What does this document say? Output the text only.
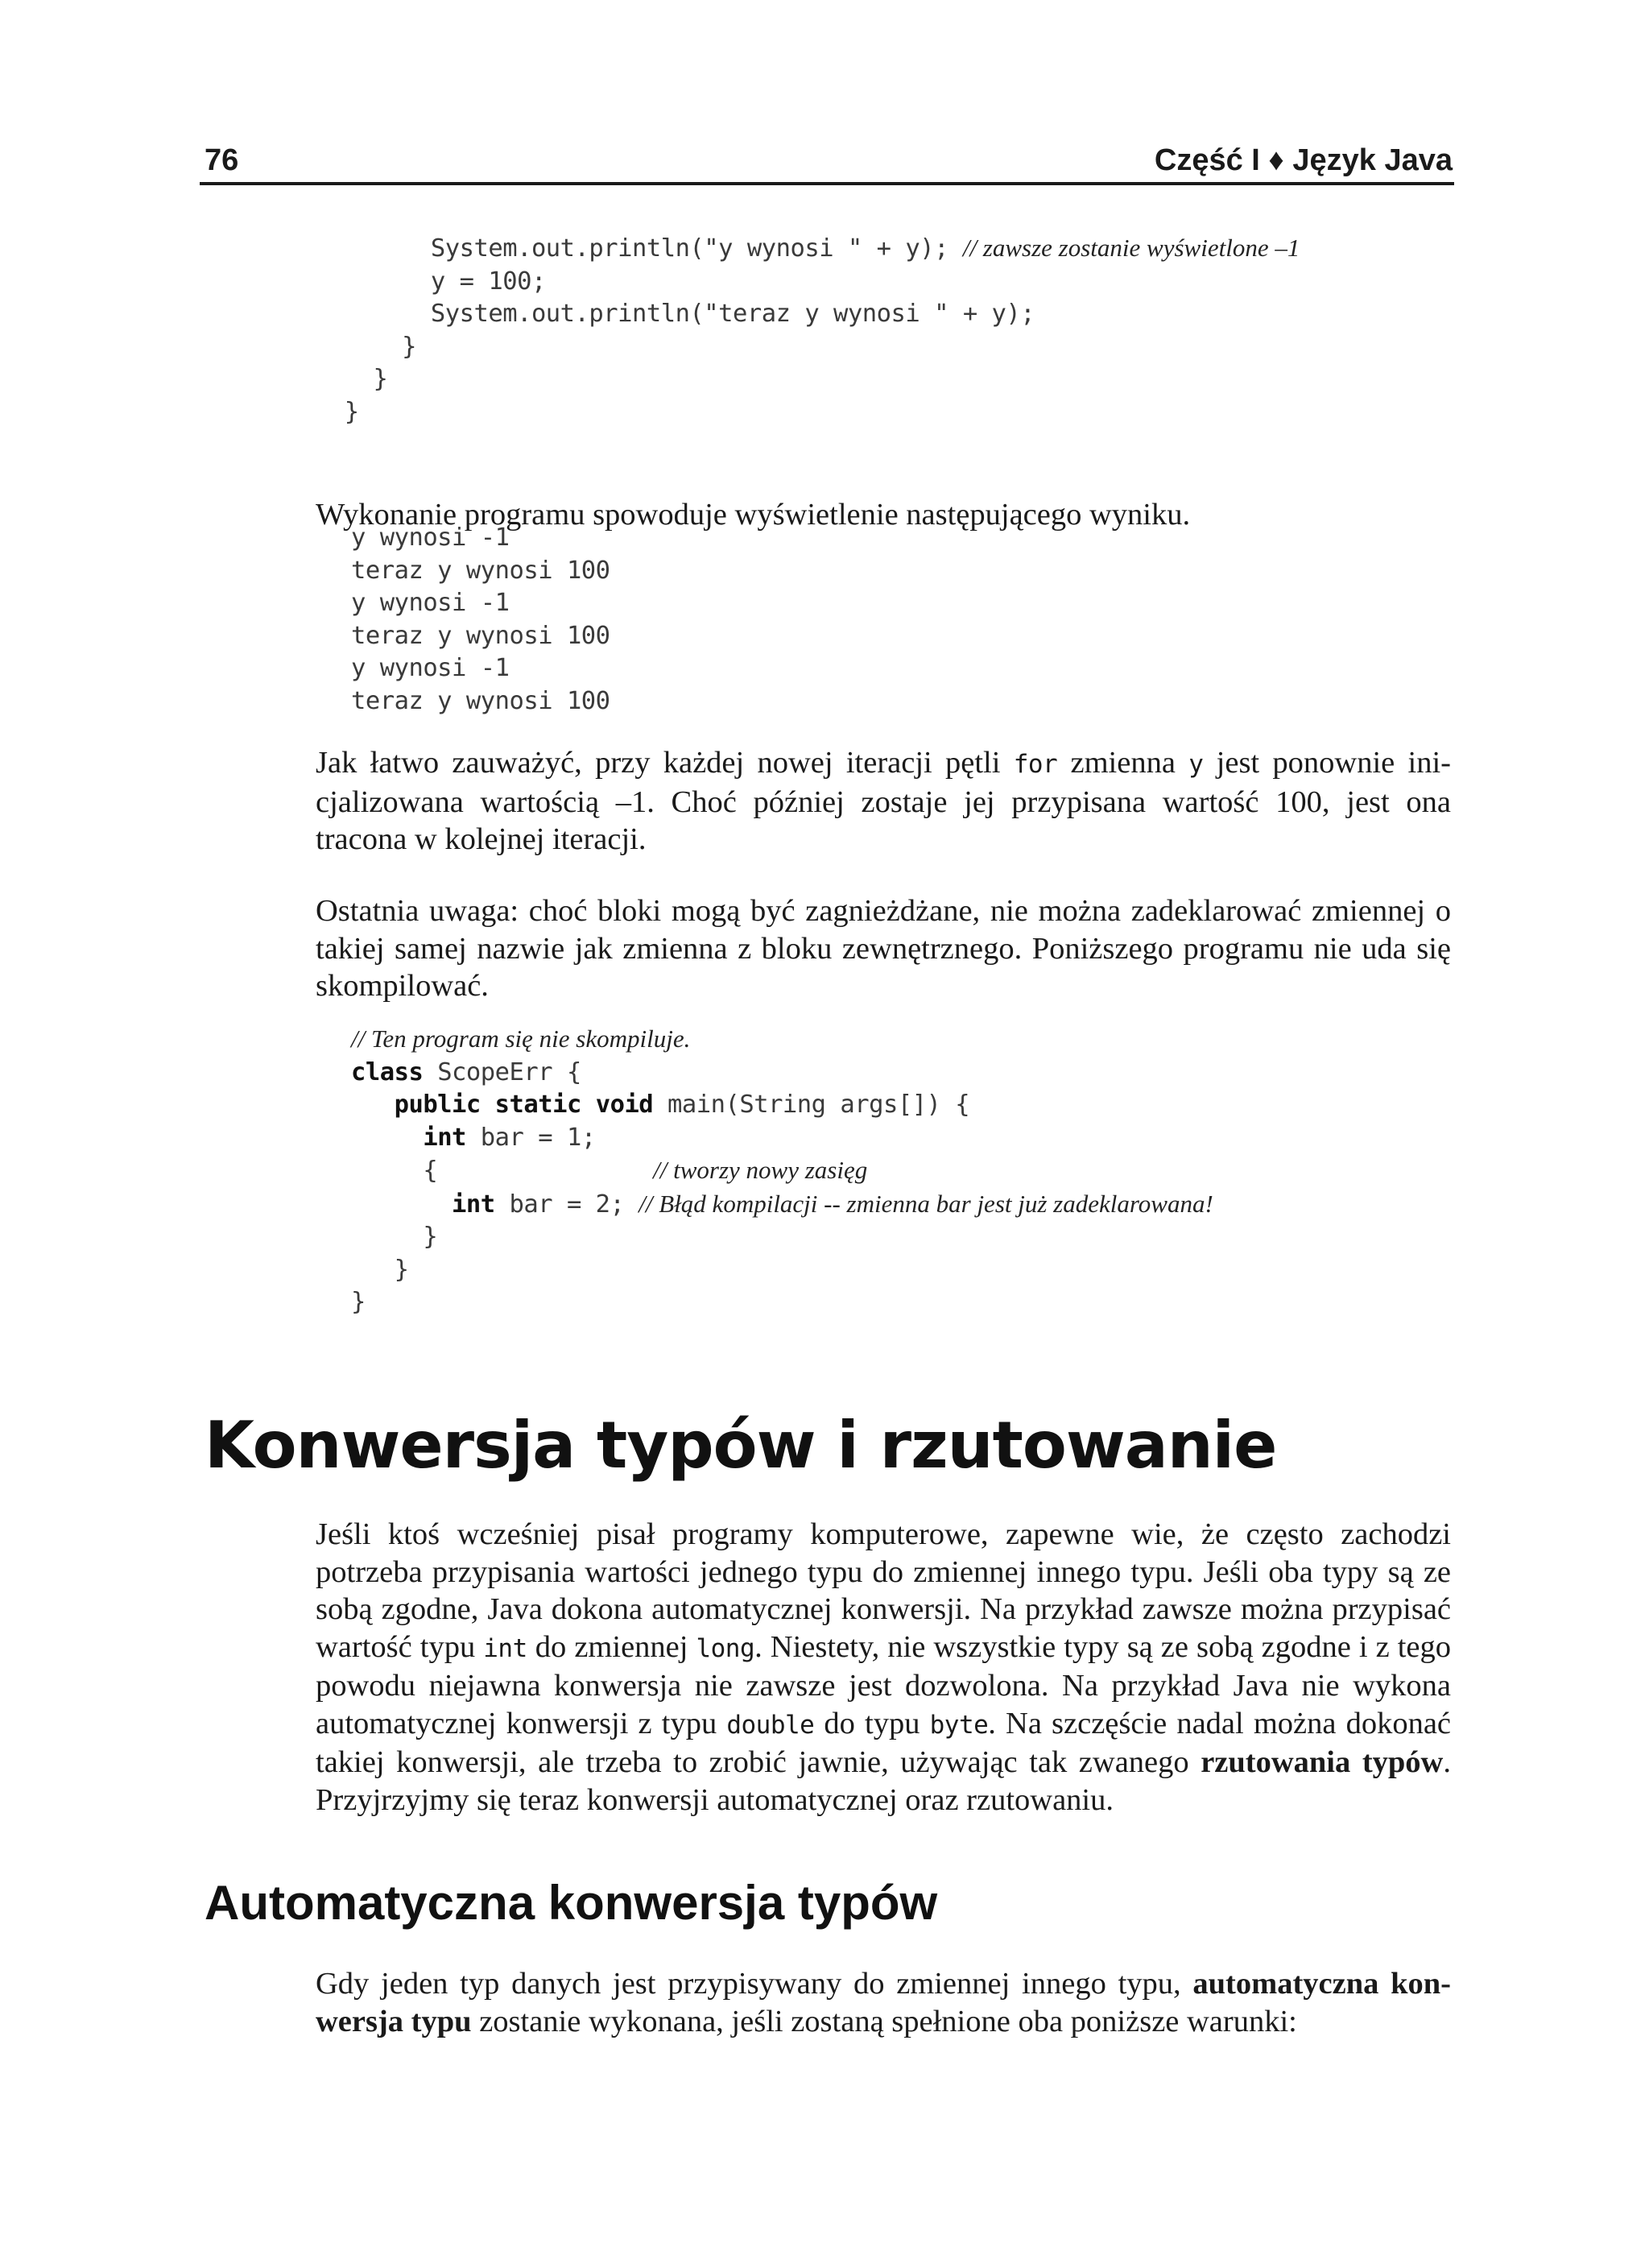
76	Część I ♦ Język Java
System.out.println("y wynosi " + y); // zawsze zostanie wyświetlone –1
y = 100;
System.out.println("teraz y wynosi " + y);
}
}
}

Wykonanie programu spowoduje wyświetlenie następującego wyniku.

y wynosi -1
teraz y wynosi 100
y wynosi -1
teraz y wynosi 100
y wynosi -1
teraz y wynosi 100

Jak łatwo zauważyć, przy każdej nowej iteracji pętli for zmienna y jest ponownie inicjalizowana wartością –1. Choć później zostaje jej przypisana wartość 100, jest ona tracona w kolejnej iteracji.

Ostatnia uwaga: choć bloki mogą być zagnieżdżane, nie można zadeklarować zmiennej o takiej samej nazwie jak zmienna z bloku zewnętrznego. Poniższego programu nie uda się skompilować.

// Ten program się nie skompiluje.
class ScopeErr {
public static void main(String args[]) {
int bar = 1;
{               // tworzy nowy zasięg
int bar = 2; // Błąd kompilacji -- zmienna bar jest już zadeklarowana!
}
}
}
Konwersja typów i rzutowanie

Jeśli ktoś wcześniej pisał programy komputerowe, zapewne wie, że często zachodzi potrzeba przypisania wartości jednego typu do zmiennej innego typu. Jeśli oba typy są ze sobą zgodne, Java dokona automatycznej konwersji. Na przykład zawsze można przypisać wartość typu int do zmiennej long. Niestety, nie wszystkie typy są ze sobą zgodne i z tego powodu niejawna konwersja nie zawsze jest dozwolona. Na przykład Java nie wykona automatycznej konwersji z typu double do typu byte. Na szczęście nadal można dokonać takiej konwersji, ale trzeba to zrobić jawnie, używając tak zwanego rzutowania typów. Przyjrzyjmy się teraz konwersji automatycznej oraz rzutowaniu.

Automatyczna konwersja typów

Gdy jeden typ danych jest przypisywany do zmiennej innego typu, automatyczna konwersja typu zostanie wykonana, jeśli zostaną spełnione oba poniższe warunki:
